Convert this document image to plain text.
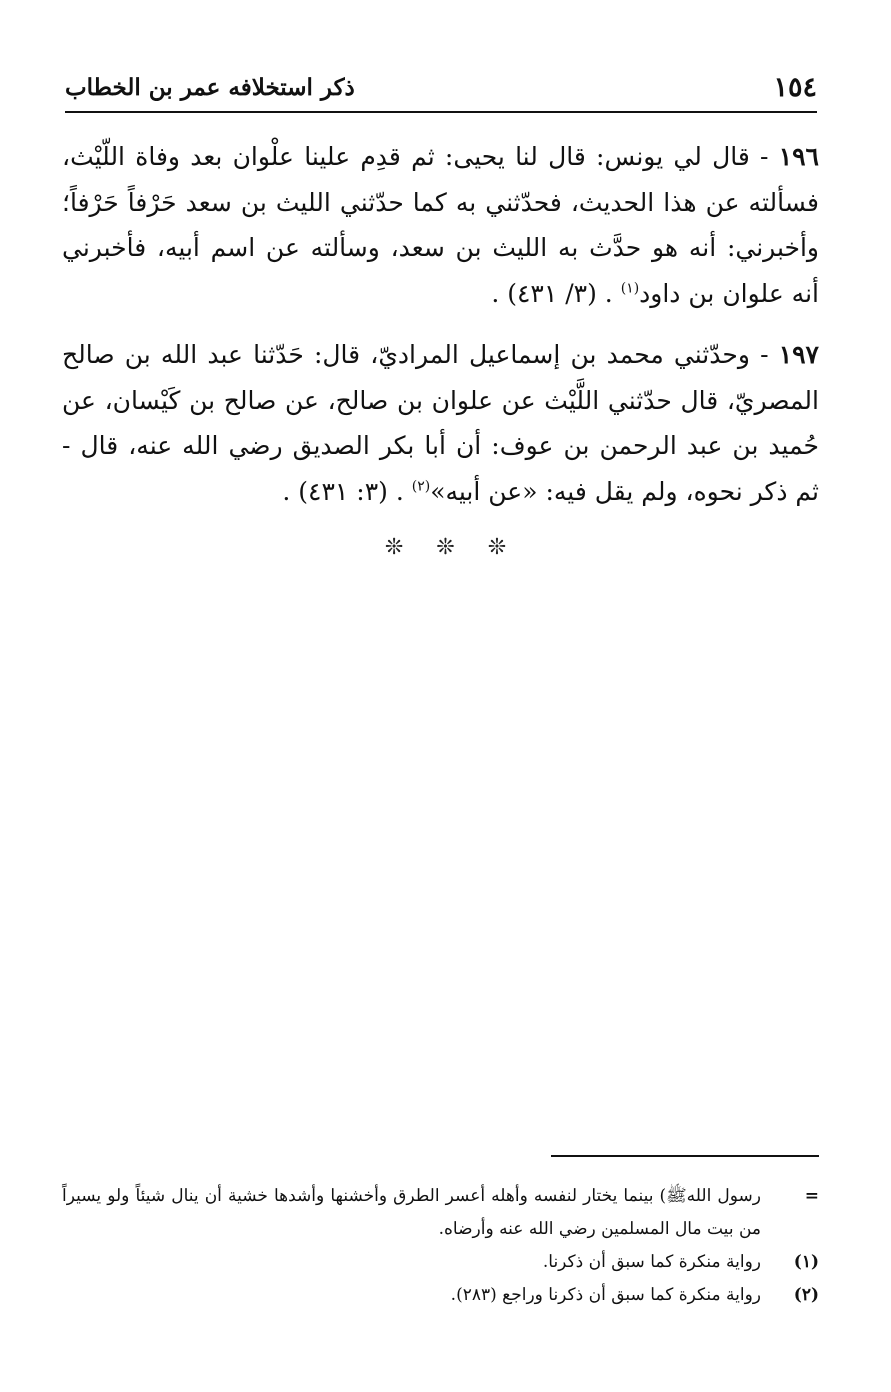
١٥٤
ذكر استخلافه عمر بن الخطاب

١٩٦ - قال لي يونس: قال لنا يحيى: ثم قدِم علينا علْوان بعد وفاة اللّيْث، فسألته عن هذا الحديث، فحدّثني به كما حدّثني الليث بن سعد حَرْفاً حَرْفاً؛ وأخبرني: أنه هو حدَّث به الليث بن سعد، وسألته عن اسم أبيه، فأخبرني أنه علوان بن داود$^{(١)}$ . (٣/ ٤٣١) .

١٩٧ - وحدّثني محمد بن إسماعيل المراديّ، قال: حَدّثنا عبد الله بن صالح المصريّ، قال حدّثني اللَّيْث عن علوان بن صالح، عن صالح بن كَيْسان، عن حُميد بن عبد الرحمن بن عوف: أن أبا بكر الصديق رضي الله عنه، قال - ثم ذكر نحوه، ولم يقل فيه: «عن أبيه»$^{(٢)}$ . (٣: ٤٣١) .

❊ ❊ ❊
=
رسول اللهﷺ) بينما يختار لنفسه وأهله أعسر الطرق وأخشنها وأشدها خشية أن ينال شيئاً ولو يسيراً من بيت مال المسلمين رضي الله عنه وأرضاه.
(١)
رواية منكرة كما سبق أن ذكرنا.
(٢)
رواية منكرة كما سبق أن ذكرنا وراجع (٢٨٣).
